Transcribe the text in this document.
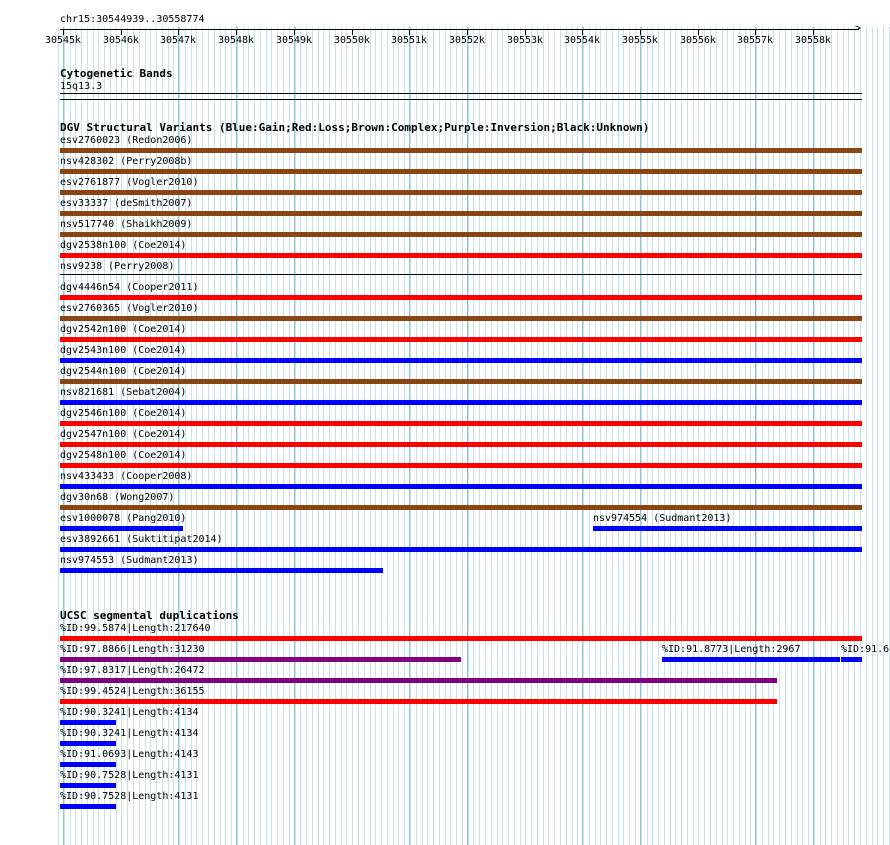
chr15:30544939..30558774
>
30545k 30546k 30547k 30548k 30549k 30550k 30551k 30552k 30553k 30554k 30555k 30556k 30557k 30558k
Cytogenetic Bands
15q13.3
DGV Structural Variants (Blue:Gain;Red:Loss;Brown:Complex;Purple:Inversion;Black:Unknown)
esv2760023 (Redon2006)
nsv428302 (Perry2008b)
esv2761877 (Vogler2010)
esv33337 (deSmith2007)
nsv517740 (Shaikh2009)
dgv2538n100 (Coe2014)
nsv9238 (Perry2008)
dgv4446n54 (Cooper2011)
esv2760365 (Vogler2010)
dgv2542n100 (Coe2014)
dgv2543n100 (Coe2014)
dgv2544n100 (Coe2014)
nsv821681 (Sebat2004)
dgv2546n100 (Coe2014)
dgv2547n100 (Coe2014)
dgv2548n100 (Coe2014)
nsv433433 (Cooper2008)
dgv30n68 (Wong2007)
esv1000078 (Pang2010)	nsv974554 (Sudmant2013)
esv3892661 (Suktitipat2014)
nsv974553 (Sudmant2013)
UCSC segmental duplications
%ID:99.5874|Length:217640
%ID:97.8866|Length:31230	%ID:91.8773|Length:2967	%ID:91.6
%ID:97.8317|Length:26472
%ID:99.4524|Length:36155
%ID:90.3241|Length:4134
%ID:90.3241|Length:4134
%ID:91.0693|Length:4143
%ID:90.7528|Length:4131
%ID:90.7528|Length:4131
